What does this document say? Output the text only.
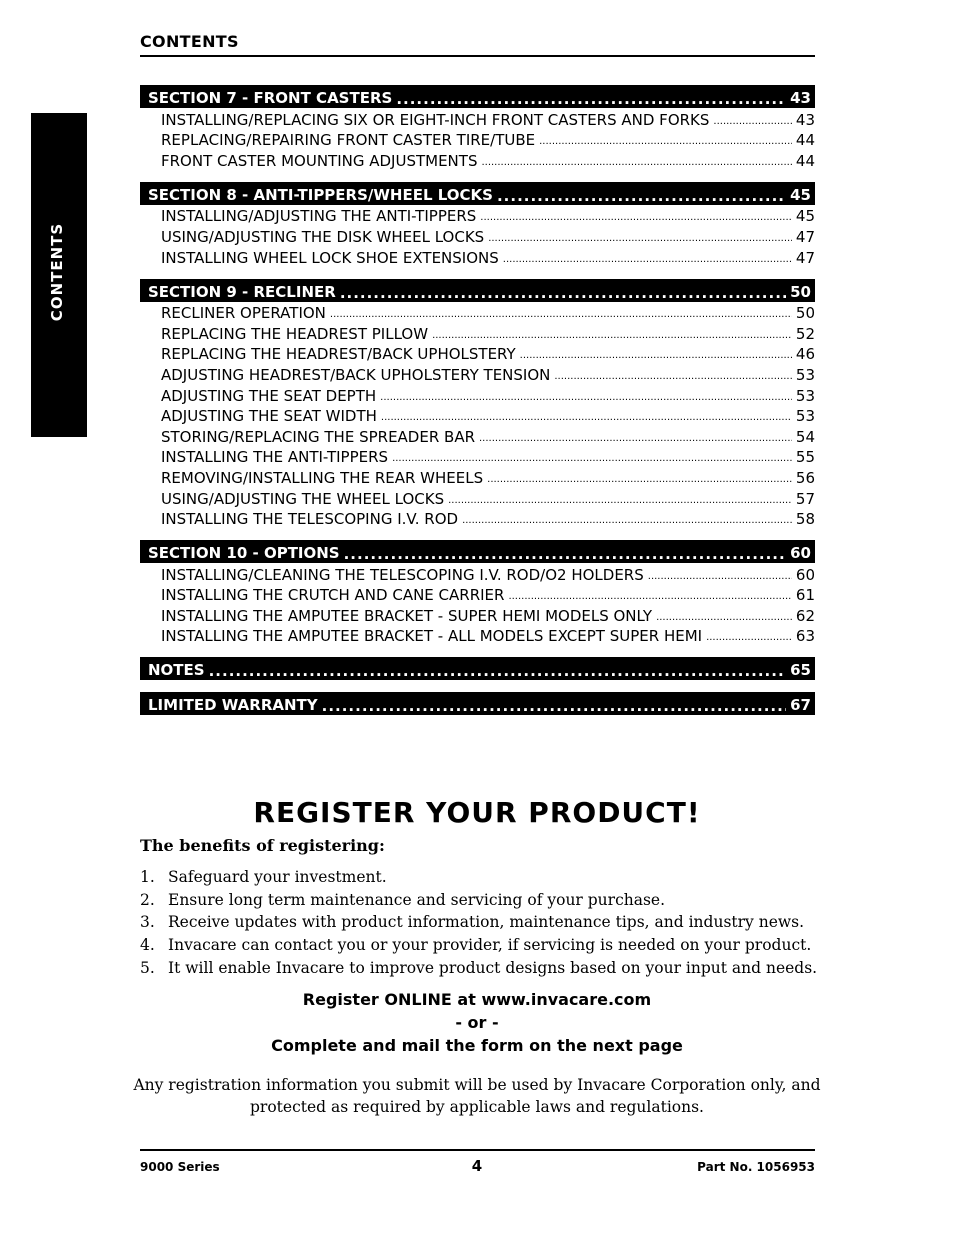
CONTENTS
CONTENTS
SECTION 7 - FRONT CASTERS .....	43
INSTALLING/REPLACING SIX OR EIGHT-INCH FRONT CASTERS AND FORKS .....	43
REPLACING/REPAIRING FRONT CASTER TIRE/TUBE .....	44
FRONT CASTER MOUNTING ADJUSTMENTS .....	44
SECTION 8 - ANTI-TIPPERS/WHEEL LOCKS .....	45
INSTALLING/ADJUSTING THE ANTI-TIPPERS .....	45
USING/ADJUSTING THE DISK WHEEL LOCKS .....	47
INSTALLING WHEEL LOCK SHOE EXTENSIONS .....	47
SECTION 9 - RECLINER .....	50
RECLINER OPERATION .....	50
REPLACING THE HEADREST PILLOW .....	52
REPLACING THE HEADREST/BACK UPHOLSTERY .....	46
ADJUSTING HEADREST/BACK UPHOLSTERY TENSION .....	53
ADJUSTING THE SEAT DEPTH .....	53
ADJUSTING THE SEAT WIDTH .....	53
STORING/REPLACING THE SPREADER BAR .....	54
INSTALLING THE ANTI-TIPPERS .....	55
REMOVING/INSTALLING THE REAR WHEELS .....	56
USING/ADJUSTING THE WHEEL LOCKS .....	57
INSTALLING THE TELESCOPING I.V. ROD .....	58
SECTION 10 - OPTIONS .....	60
INSTALLING/CLEANING THE TELESCOPING I.V. ROD/O2 HOLDERS .....	60
INSTALLING THE CRUTCH AND CANE CARRIER .....	61
INSTALLING THE AMPUTEE BRACKET - SUPER HEMI MODELS ONLY .....	62
INSTALLING THE AMPUTEE BRACKET - ALL MODELS EXCEPT SUPER HEMI .....	63
NOTES .....	65
LIMITED WARRANTY .....	67
REGISTER YOUR PRODUCT!
The benefits of registering:
1. Safeguard your investment.
2. Ensure long term maintenance and servicing of your purchase.
3. Receive updates with product information, maintenance tips, and industry news.
4. Invacare can contact you or your provider, if servicing is needed on your product.
5. It will enable Invacare to improve product designs based on your input and needs.
Register ONLINE at www.invacare.com
- or -
Complete and mail the form on the next page
Any registration information you submit will be used by Invacare Corporation only, and protected as required by applicable laws and regulations.
9000 Series	4	Part No. 1056953
